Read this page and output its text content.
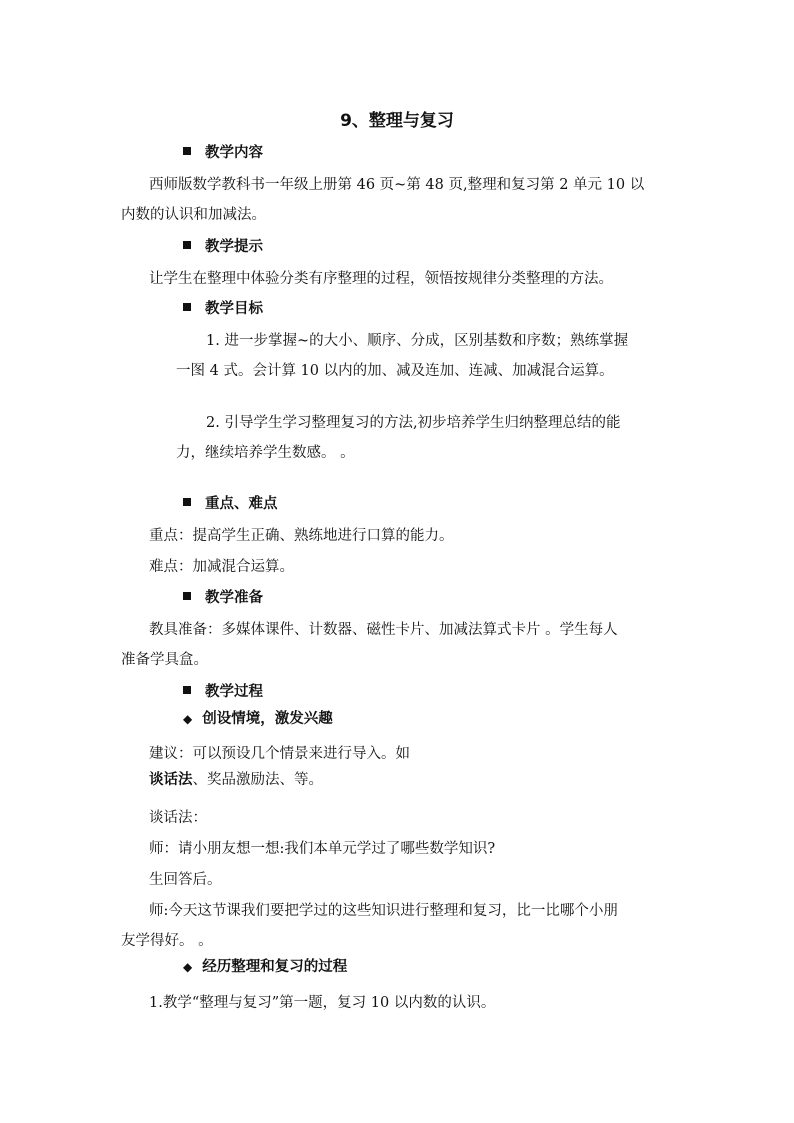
9、整理与复习
教学内容

西师版数学教科书一年级上册第 46 页~第 48 页,整理和复习第 2 单元 10 以

内数的认识和加减法。

教学提示

让学生在整理中体验分类有序整理的过程，领悟按规律分类整理的方法。

教学目标

1. 进一步掌握~的大小、顺序、分成，区别基数和序数；熟练掌握

一图 4 式。会计算 10 以内的加、减及连加、连减、加减混合运算。

2. 引导学生学习整理复习的方法,初步培养学生归纳整理总结的能

力，继续培养学生数感。 。

重点、难点

重点：提高学生正确、熟练地进行口算的能力。

难点：加减混合运算。

教学准备

教具准备：多媒体课件、计数器、磁性卡片、加减法算式卡片 。学生每人

准备学具盒。

教学过程
◆ 创设情境，激发兴趣

建议：可以预设几个情景来进行导入。如

谈话法、奖品激励法、等。

谈话法：

师：请小朋友想一想:我们本单元学过了哪些数学知识?

生回答后。

师:今天这节课我们要把学过的这些知识进行整理和复习，比一比哪个小朋

友学得好。 。

◆ 经历整理和复习的过程

1.教学“整理与复习”第一题，复习 10 以内数的认识。
